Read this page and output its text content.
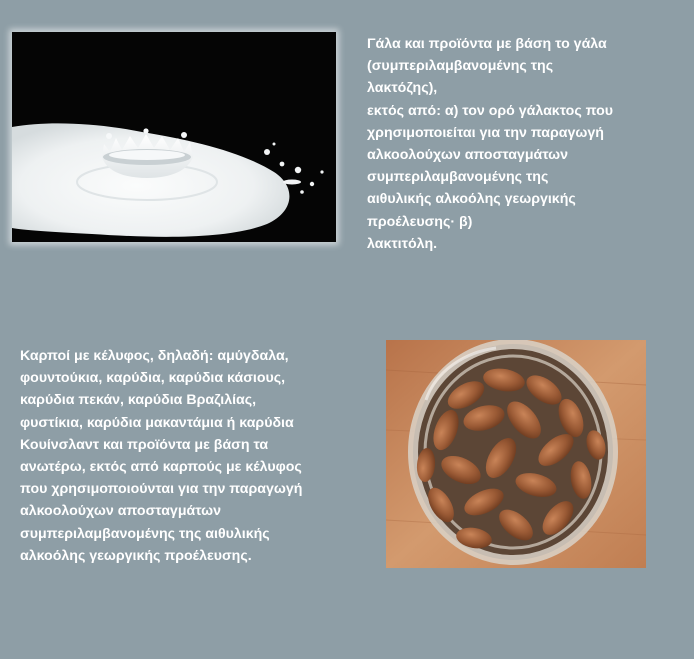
Γάλα και προϊόντα με βάση το γάλα
(συμπεριλαμβανομένης της
λακτόζης),
εκτός από: α) τον ορό γάλακτος που
χρησιμοποιείται για την παραγωγή
αλκοολούχων αποσταγμάτων
συμπεριλαμβανομένης της
αιθυλικής αλκοόλης γεωργικής
προέλευσης· β)
λακτιτόλη.
Καρποί με κέλυφος, δηλαδή: αμύγδαλα,
φουντούκια, καρύδια, καρύδια κάσιους,
καρύδια πεκάν, καρύδια Βραζιλίας,
φυστίκια, καρύδια μακαντάμια ή καρύδια
Κουίνσλαντ και προϊόντα με βάση τα
ανωτέρω, εκτός από καρπούς με κέλυφος
που χρησιμοποιούνται για την παραγωγή
αλκοολούχων αποσταγμάτων
συμπεριλαμβανομένης της αιθυλικής
αλκοόλης γεωργικής προέλευσης.
